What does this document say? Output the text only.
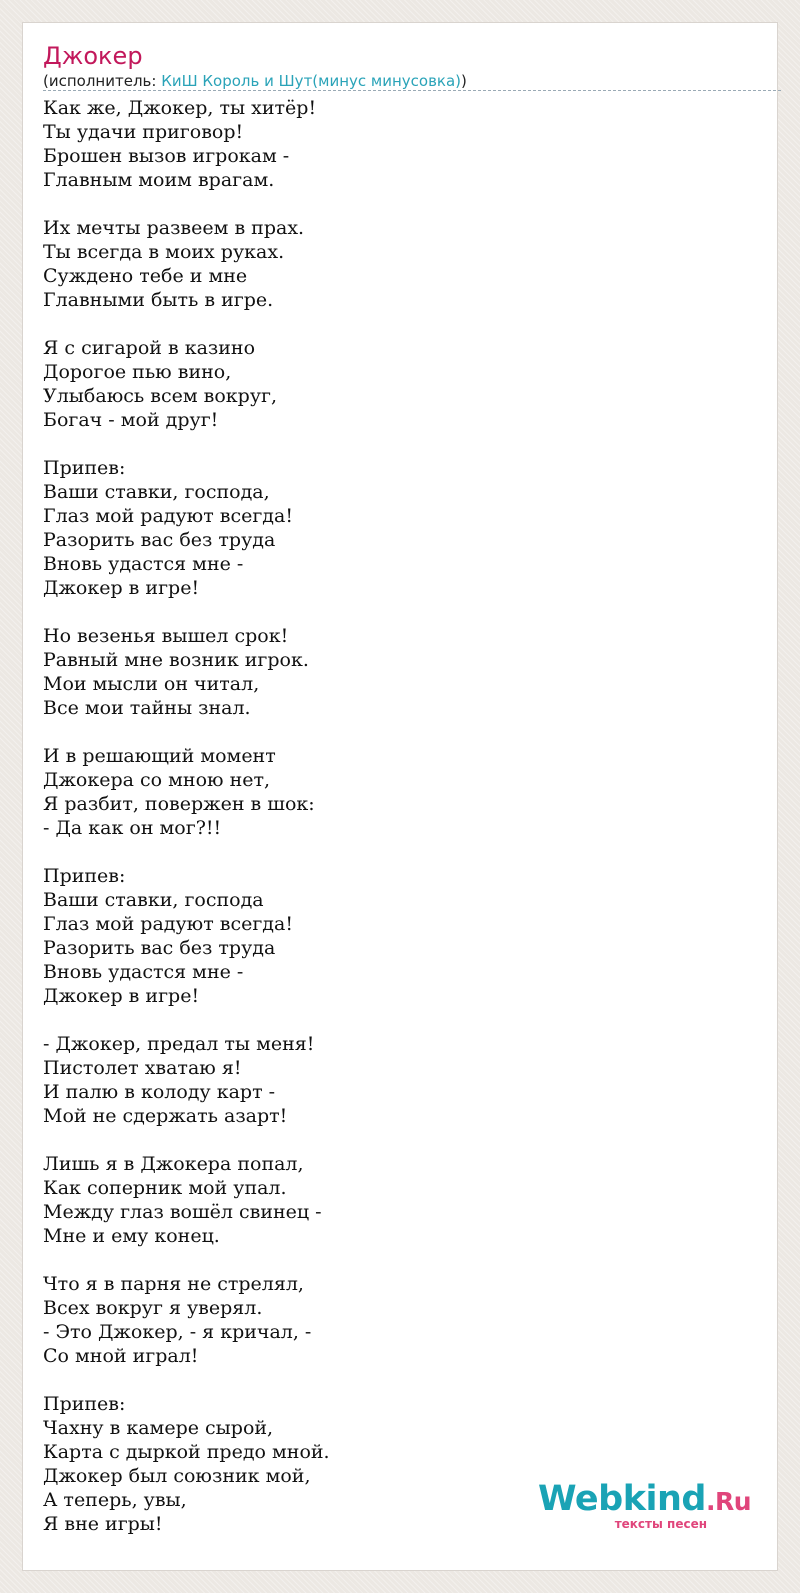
Джокер
(исполнитель: КиШ Король и Шут(минус минусовка))
Как же, Джокер, ты хитёр!
Ты удачи приговор!
Брошен вызов игрокам -
Главным моим врагам.
Их мечты развеем в прах.
Ты всегда в моих руках.
Суждено тебе и мне
Главными быть в игре.
Я с сигарой в казино
Дорогое пью вино,
Улыбаюсь всем вокруг,
Богач - мой друг!
Припев:
Ваши ставки, господа,
Глаз мой радуют всегда!
Разорить вас без труда
Вновь удастся мне -
Джокер в игре!
Но везенья вышел срок!
Равный мне возник игрок.
Мои мысли он читал,
Все мои тайны знал.
И в решающий момент
Джокера со мною нет,
Я разбит, повержен в шок:
- Да как он мог?!!
Припев:
Ваши ставки, господа
Глаз мой радуют всегда!
Разорить вас без труда
Вновь удастся мне -
Джокер в игре!
- Джокер, предал ты меня!
Пистолет хватаю я!
И палю в колоду карт -
Мой не сдержать азарт!
Лишь я в Джокера попал,
Как соперник мой упал.
Между глаз вошёл свинец -
Мне и ему конец.
Что я в парня не стрелял,
Всех вокруг я уверял.
- Это Джокер, - я кричал, -
Со мной играл!
Припев:
Чахну в камере сырой,
Карта с дыркой предо мной.
Джокер был союзник мой,
А теперь, увы,
Я вне игры!
Webkind.Ru
тексты песен
